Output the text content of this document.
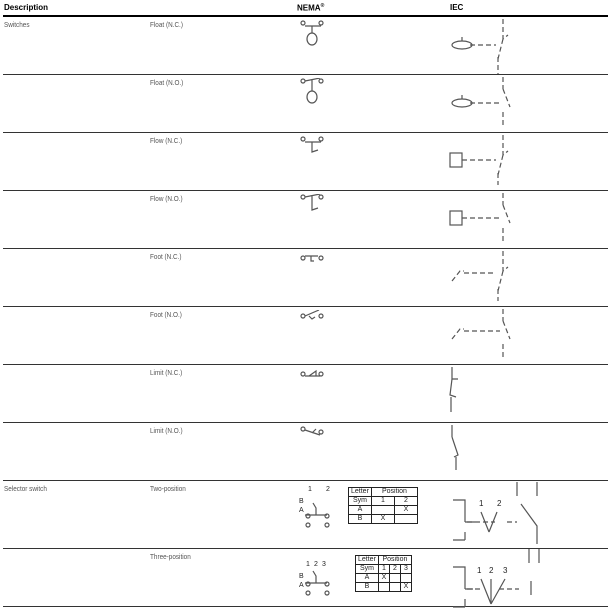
Description	NEMA®	IEC
Switches	Float (N.C.)
Float (N.O.)
Flow (N.C.)
Flow (N.O.)
Foot (N.C.)
Foot (N.O.)
Limit (N.C.)
Limit (N.O.)
Selector switch	Two-position	1 2
B
A
Letter	Position	
Sym	1	2
A		X
B	X	
1 2
Three-position
1 2 3
B
A
Letter	Position		
Sym	1	2	3
A	X		
B			X
1 2 3
